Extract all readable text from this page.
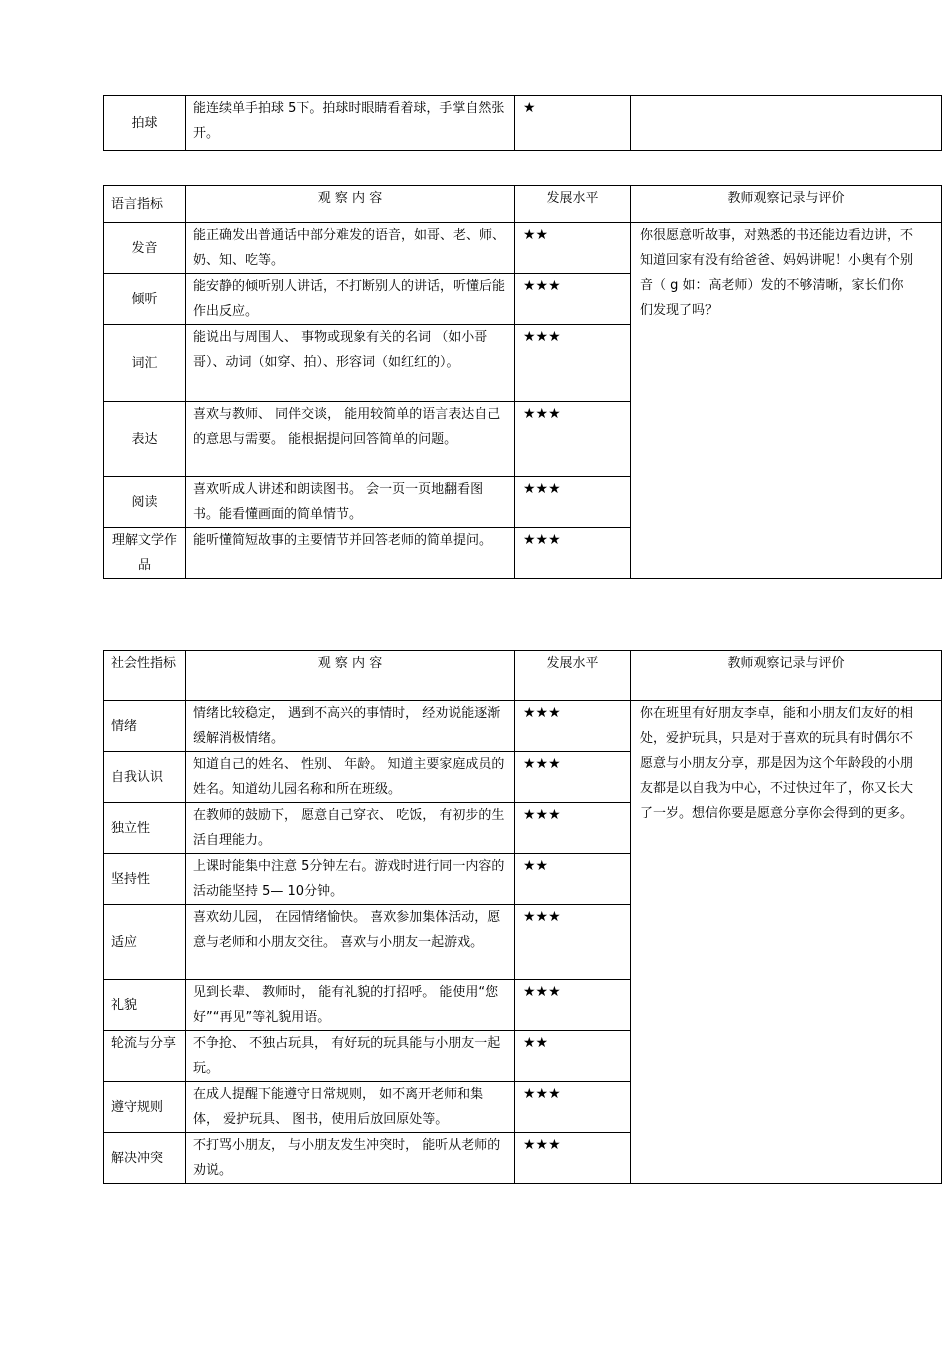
拍球	能连续单手拍球 5下。拍球时眼睛看着球，手掌自然张开。	★	
语言指标	观 察 内 容	发展水平	教师观察记录与评价
发音	能正确发出普通话中部分难发的语音，如哥、老、师、奶、知、吃等。	★★	你很愿意听故事，对熟悉的书还能边看边讲，不知道回家有没有给爸爸、妈妈讲呢！小奥有个别音（ g 如：高老师）发的不够清晰，家长们你们发现了吗？
倾听	能安静的倾听别人讲话，不打断别人的讲话，听懂后能作出反应。	★★★	
词汇	能说出与周围人、 事物或现象有关的名词 （如小哥哥）、动词（如穿、拍）、形容词（如红红的）。	★★★	
表达	喜欢与教师、 同伴交谈， 能用较简单的语言表达自己的意思与需要。 能根据提问回答简单的问题。	★★★	
阅读	喜欢听成人讲述和朗读图书。 会一页一页地翻看图书。能看懂画面的简单情节。	★★★	
理解文学作品	能听懂简短故事的主要情节并回答老师的简单提问。	★★★	
社会性指标	观 察 内 容	发展水平	教师观察记录与评价
情绪	情绪比较稳定， 遇到不高兴的事情时， 经劝说能逐渐缓解消极情绪。	★★★	你在班里有好朋友李卓，能和小朋友们友好的相处，爱护玩具，只是对于喜欢的玩具有时偶尔不愿意与小朋友分享，那是因为这个年龄段的小朋友都是以自我为中心，不过快过年了，你又长大了一岁。想信你要是愿意分享你会得到的更多。
自我认识	知道自己的姓名、 性别、 年龄。 知道主要家庭成员的姓名。知道幼儿园名称和所在班级。	★★★	
独立性	在教师的鼓励下， 愿意自己穿衣、 吃饭， 有初步的生活自理能力。	★★★	
坚持性	上课时能集中注意 5分钟左右。游戏时进行同一内容的活动能坚持 5— 10分钟。	★★	
适应	喜欢幼儿园， 在园情绪愉快。 喜欢参加集体活动，愿意与老师和小朋友交往。 喜欢与小朋友一起游戏。	★★★	
礼貌	见到长辈、 教师时， 能有礼貌的打招呼。 能使用“您好”“再见”等礼貌用语。	★★★	
轮流与分享	不争抢、 不独占玩具， 有好玩的玩具能与小朋友一起玩。	★★	
遵守规则	在成人提醒下能遵守日常规则， 如不离开老师和集体， 爱护玩具、 图书，使用后放回原处等。	★★★	
解决冲突	不打骂小朋友， 与小朋友发生冲突时， 能听从老师的劝说。	★★★	
